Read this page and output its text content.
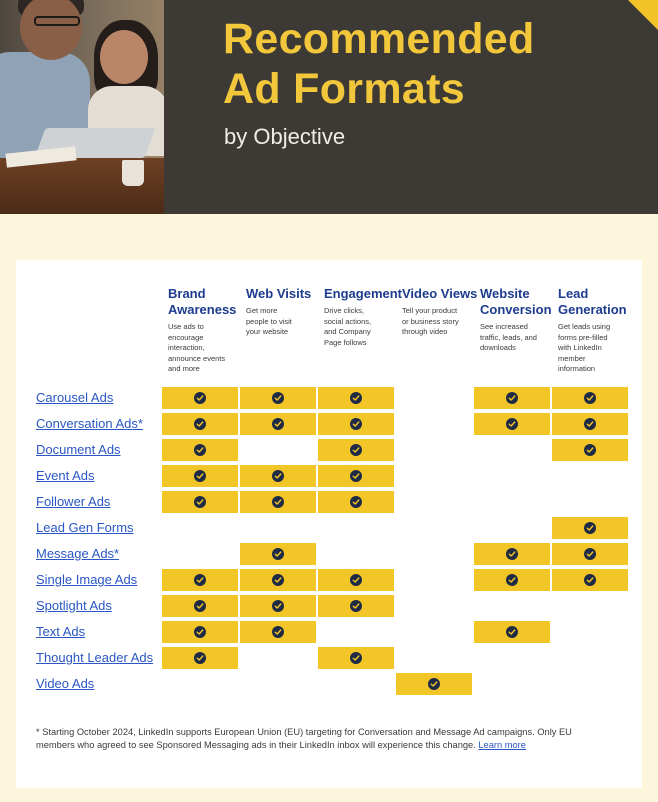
Recommended
Ad Formats
by Objective
Brand
Awareness
Use ads to
encourage
interaction,
announce events
and more
Web Visits
Get more
people to visit
your website
Engagement
Drive clicks,
social actions,
and Company
Page follows
Video Views
Tell your product
or business story
through video
Website
Conversion
See increased
traffic, leads, and
downloads
Lead
Generation
Get leads using
forms pre-filled
with LinkedIn
member
information
Carousel Ads
Conversation Ads*
Document Ads
Event Ads
Follower Ads
Lead Gen Forms
Message Ads*
Single Image Ads
Spotlight Ads
Text Ads
Thought Leader Ads
Video Ads
* Starting October 2024, LinkedIn supports European Union (EU) targeting for Conversation and Message Ad campaigns. Only EU
members who agreed to see Sponsored Messaging ads in their LinkedIn inbox will experience this change. Learn more
